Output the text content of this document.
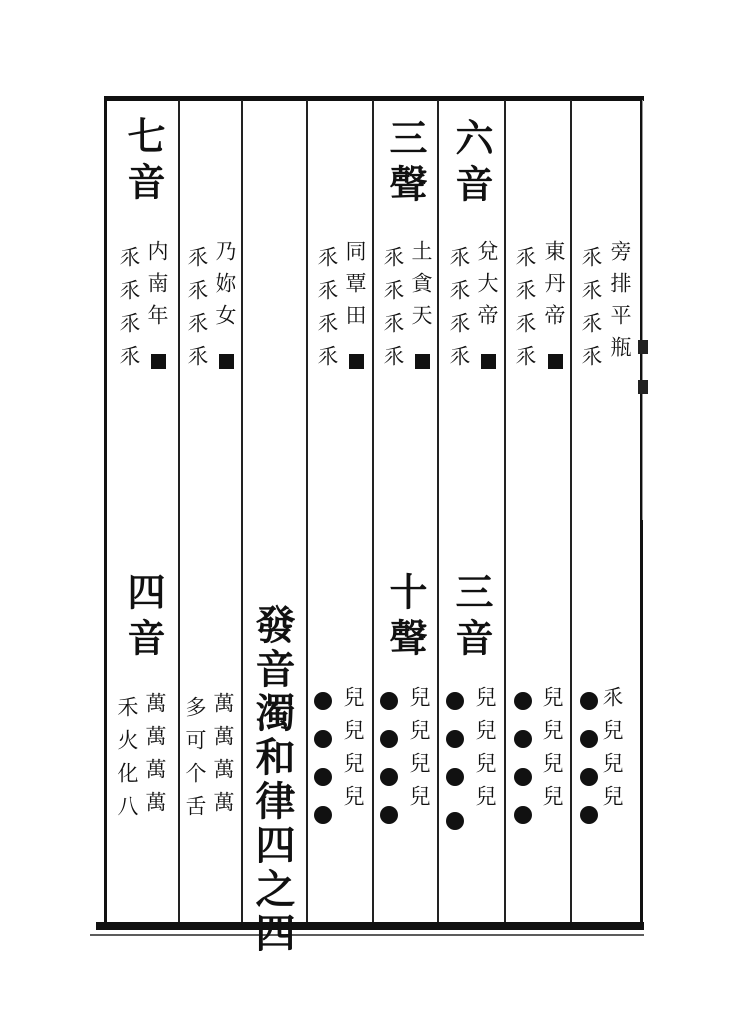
旁排平瓶
乑乑乑乑
乑兒兒兒
東丹帝
乑乑乑乑
兒兒兒兒
六音
兌大帝
乑乑乑乑
三音
兒兒兒兒
三聲
土貪天
乑乑乑乑
十聲
兒兒兒兒
同覃田
乑乑乑乑
兒兒兒兒
發音濁和律四之四
乃妳女
乑乑乑乑
萬萬萬萬
多可个舌
七音
内南年
乑乑乑乑
四音
萬萬萬萬
禾火化八
